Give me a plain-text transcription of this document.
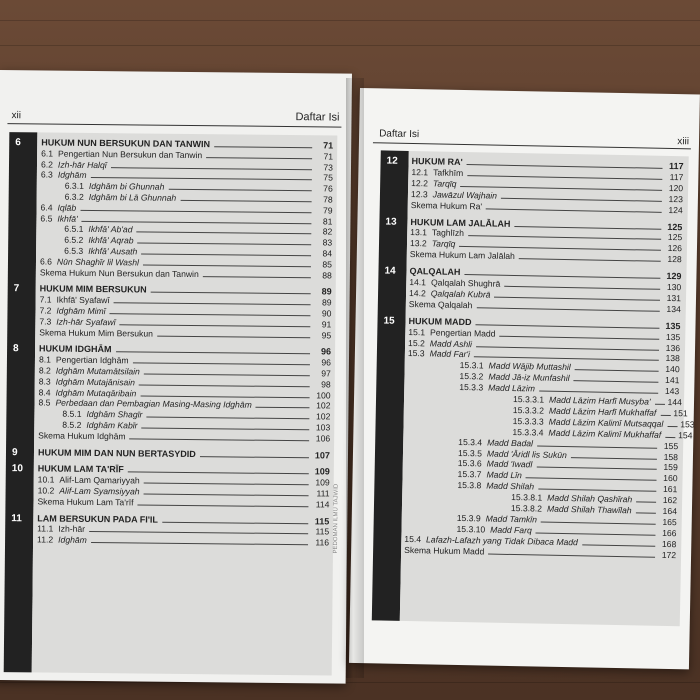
xii	Daftar Isi
6 HUKUM NUN BERSUKUN DAN TANWIN	71
6.1 Pengertian Nun Bersukun dan Tanwin	71
6.2 Izh-hār Halqī	73
6.3 Idghām	75
6.3.1 Idghām bi Ghunnah	76
6.3.2 Idghām bi Lā Ghunnah	78
6.4 Iqlāb	79
6.5 Ikhfā'	81
6.5.1 Ikhfā' Ab'ad	82
6.5.2 Ikhfā' Aqrab	83
6.5.3 Ikhfā' Ausath	84
6.6 Nūn Shaghīr lil Washl	85
Skema Hukum Nun Bersukun dan Tanwin	88
7 HUKUM MIM BERSUKUN	89
7.1 Ikhfā' Syafawī	89
7.2 Idghām Mimī	90
7.3 Izh-hār Syafawī	91
Skema Hukum Mim Bersukun	95
8 HUKUM IDGHĀM	96
8.1 Pengertian Idghām	96
8.2 Idghām Mutamātsilain	97
8.3 Idghām Mutajānisain	98
8.4 Idghām Mutaqāribain	100
8.5 Perbedaan dan Pembagian Masing-Masing Idghām	102
8.5.1 Idghām Shagīr	102
8.5.2 Idghām Kabīr	103
Skema Hukum Idghām	106
9 HUKUM MIM DAN NUN BERTASYDID	107
10 HUKUM LAM TA'RĪF	109
10.1 Alif-Lam Qamariyyah	109
10.2 Alif-Lam Syamsiyyah	111
Skema Hukum Lam Ta'rīf	114
11 LAM BERSUKUN PADA FI'IL	115
11.1 Izh-hār	115
11.2 Idghām	116 PEDOMAN ILMU TAJWID
Daftar Isi
xiii
12 HUKUM RA'	117
12.1 Tafkhīm	117
12.2 Tarqīq	120
12.3 Jawāzul Wajhain	123
Skema Hukum Ra'	124
13 HUKUM LAM JALĀLAH	125
13.1 Taghlīzh	125
13.2 Tarqīq	126
Skema Hukum Lam Jalālah	128
14 QALQALAH	129
14.1 Qalqalah Shughrā	130
14.2 Qalqalah Kubrā	131
Skema Qalqalah	134
15 HUKUM MADD	135
15.1 Pengertian Madd	135
15.2 Madd Ashli	136
15.3 Madd Far'i	138
15.3.1 Madd Wājib Muttashil	140
15.3.2 Madd Jā-iz Munfashil	141
15.3.3 Madd Lāzim	143
15.3.3.1 Madd Lāzim Harfī Musyba' 144
15.3.3.2 Madd Lāzim Harfī Mukhaffaf 151
15.3.3.3 Madd Lāzim Kalimī Mutsaqqal 153
15.3.3.4 Madd Lāzim Kalimī Mukhaffaf 154
15.3.4 Madd Badal	155
15.3.5 Madd 'Āridl lis Sukūn	158
15.3.6 Madd 'Iwadl	159
15.3.7 Madd Līn	160
15.3.8 Madd Shilah	161
15.3.8.1 Madd Shilah Qashīrah	162
15.3.8.2 Madd Shilah Thawīlah	164
15.3.9 Madd Tamkīn	165
15.3.10 Madd Farq	166
15.4 Lafazh-Lafazh yang Tidak Dibaca Madd	168
Skema Hukum Madd	172
